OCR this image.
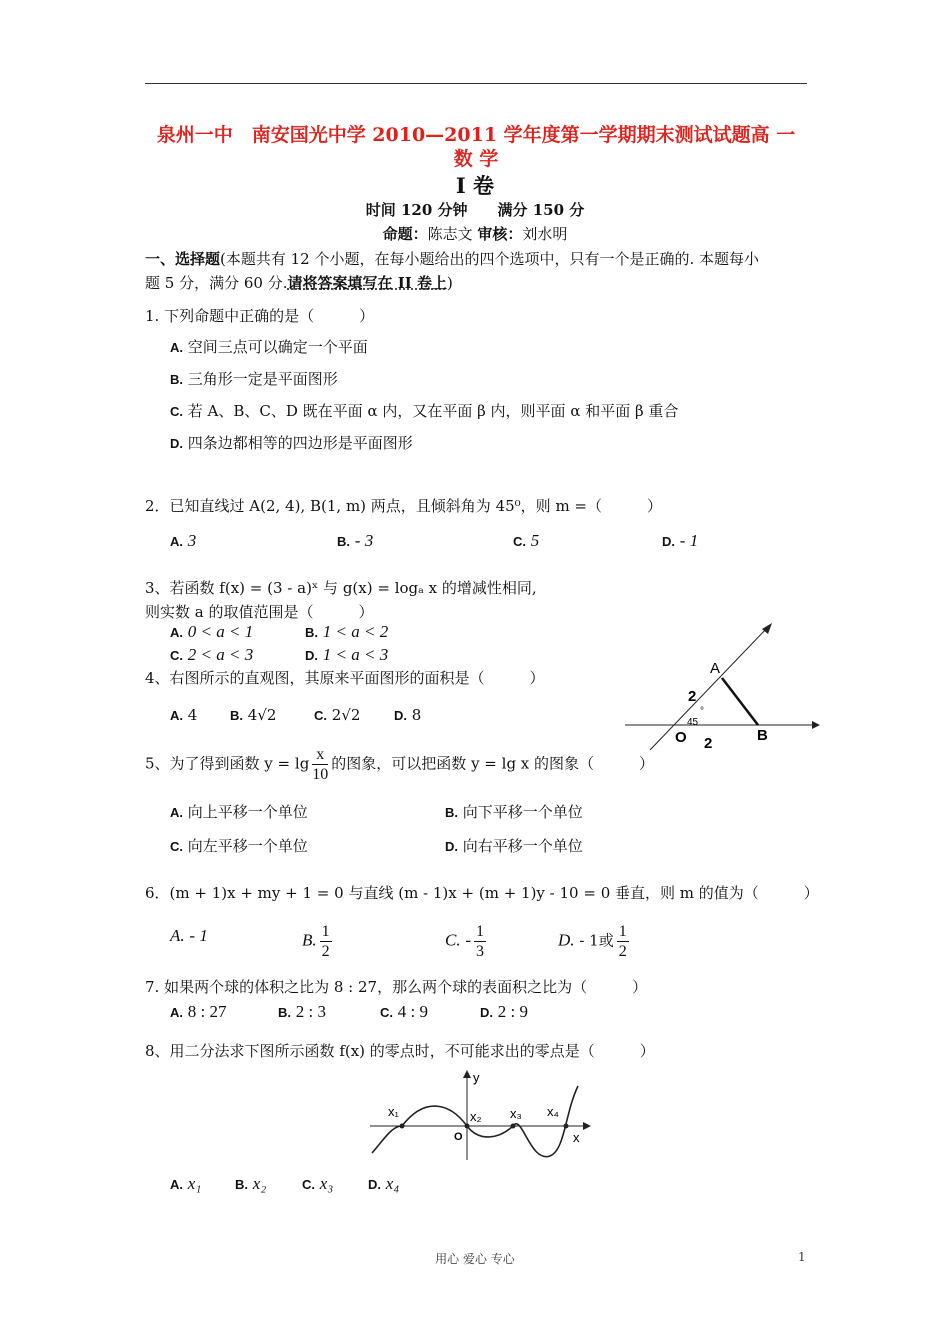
泉州一中　南安国光中学 2010—2011 学年度第一学期期末测试试题高 一
数 学
Ⅰ 卷
时间 120 分钟　　满分 150 分
命题：陈志文 审核：刘水明
一、选择题(本题共有 12 个小题，在每小题给出的四个选项中，只有一个是正确的. 本题每小
题 5 分，满分 60 分.请将答案填写在 II 卷上)
1. 下列命题中正确的是（　　　）
A. 空间三点可以确定一个平面
B. 三角形一定是平面图形
C. 若 A、B、C、D 既在平面 α 内，又在平面 β 内，则平面 α 和平面 β 重合
D. 四条边都相等的四边形是平面图形
2．已知直线过 A(2, 4), B(1, m) 两点，且倾斜角为 45⁰，则 m =（　　　）
A. 3	B. - 3	C. 5	D. - 1
3、若函数 f(x) = (3 - a)ˣ 与 g(x) = logₐ x 的增减性相同,
则实数 a 的取值范围是（　　　）
A. 0 < a < 1	B. 1 < a < 2
C. 2 < a < 3	D. 1 < a < 3
4、右图所示的直观图，其原来平面图形的面积是（　　　）
A. 4	B. 4√2	C. 2√2	D. 8
A
B
O
2
2
45
°
5、为了得到函数 $y = \lg \frac{x}{10}$ 的图象，可以把函数 y = lg x 的图象（　　　）
A. 向上平移一个单位	B. 向下平移一个单位
C. 向左平移一个单位	D. 向右平移一个单位
6．(m + 1)x + my + 1 = 0 与直线 (m - 1)x + (m + 1)y - 10 = 0 垂直，则 m 的值为（　　　）
A. - 1	B. $\frac{1}{2}$	C. - $\frac{1}{3}$	D. - 1或 $\frac{1}{2}$
7. 如果两个球的体积之比为 8 : 27，那么两个球的表面积之比为（　　　）
A. 8 : 27	B. 2 : 3	C. 4 : 9	D. 2 : 9
8、用二分法求下图所示函数 f(x) 的零点时，不可能求出的零点是（　　　）
y
x
O
x₁	x₂ x₃ x₄
A. x₁	B. x₂	C. x₃	D. x₄
用心 爱心 专心	1
